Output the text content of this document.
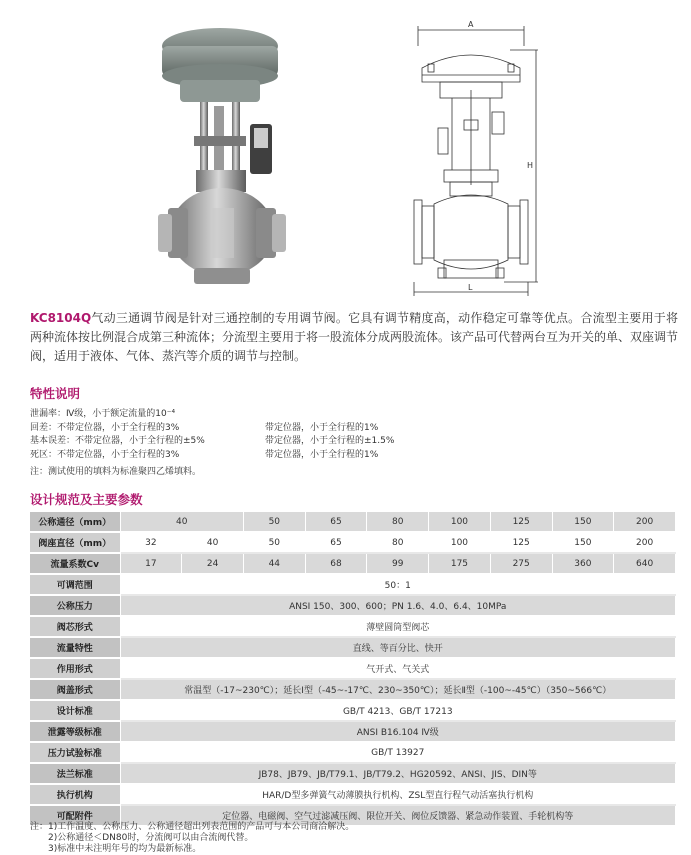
A
H
L
KC8104Q气动三通调节阀是针对三通控制的专用调节阀。它具有调节精度高，动作稳定可靠等优点。合流型主要用于将两种流体按比例混合成第三种流体；分流型主要用于将一股流体分成两股流体。该产品可代替两台互为开关的单、双座调节阀，适用于液体、气体、蒸汽等介质的调节与控制。
特性说明
泄漏率：Ⅳ级，小于额定流量的10⁻⁴
回差：不带定位器，小于全行程的3%	带定位器，小于全行程的1%
基本误差：不带定位器，小于全行程的±5%	带定位器，小于全行程的±1.5%
死区：不带定位器，小于全行程的3%	带定位器，小于全行程的1%
注：测试使用的填料为标准聚四乙烯填料。
设计规范及主要参数
公称通径（mm）	40		50	65	80	100	125	150	200
阀座直径（mm）	32	40	50	65	80	100	125	150	200
流量系数Cv	17	24	44	68	99	175	275	360	640
可调范围	50：1								
公称压力	ANSI 150、300、600；PN 1.6、4.0、6.4、10MPa								
阀芯形式	薄壁圆筒型阀芯								
流量特性	直线、等百分比、快开								
作用形式	气开式、气关式								
阀盖形式	常温型（-17~230℃）；延长Ⅰ型（-45~-17℃、230~350℃）；延长Ⅱ型（-100~-45℃）（350~566℃）								
设计标准	GB/T 4213、GB/T 17213								
泄露等级标准	ANSI B16.104 Ⅳ级								
压力试验标准	GB/T 13927								
法兰标准	JB78、JB79、JB/T79.1、JB/T79.2、HG20592、ANSI、JIS、DIN等								
执行机构	HAR/D型多弹簧气动薄膜执行机构、ZSL型直行程气动活塞执行机构								
可配附件	定位器、电磁阀、空气过滤减压阀、限位开关、阀位反馈器、紧急动作装置、手轮机构等								
注：1)工作温度、公称压力、公称通径超出列表范围的产品可与本公司商洽解决。
2)公称通径＜DN80时，分流阀可以由合流阀代替。
3)标准中未注明年号的均为最新标准。
